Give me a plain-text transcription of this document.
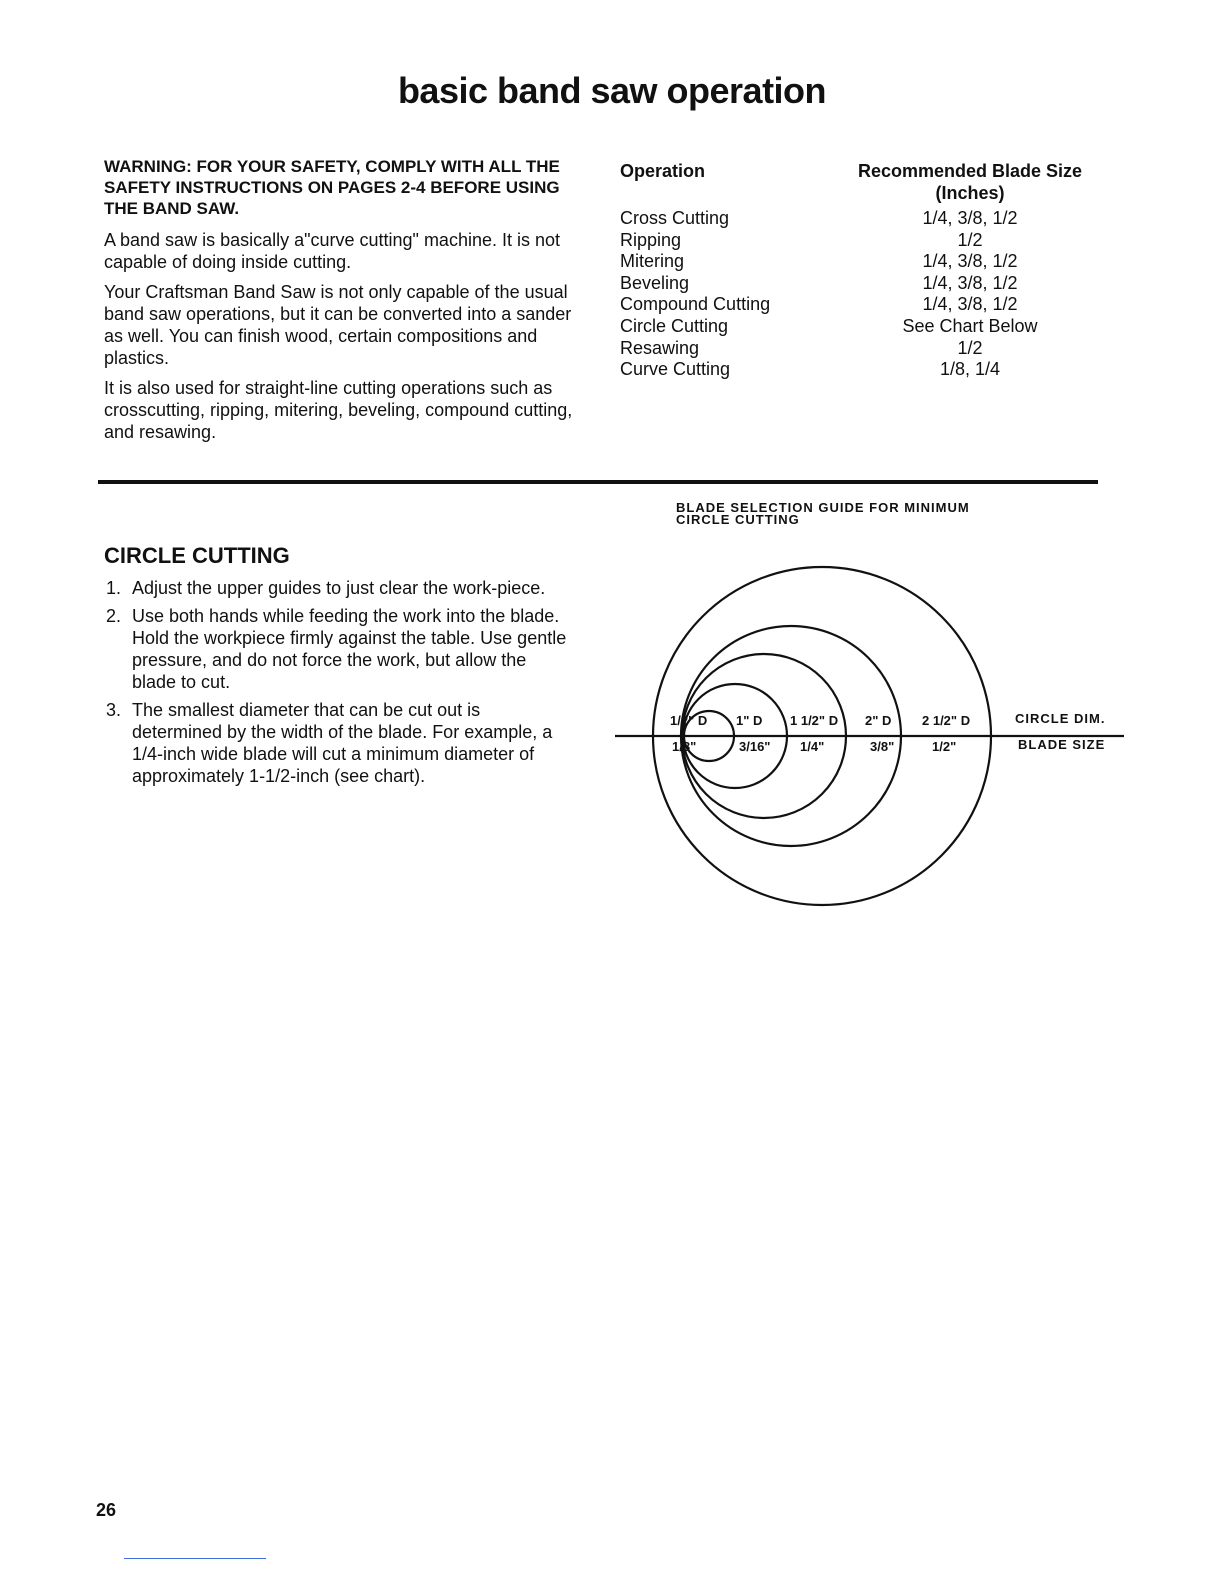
basic band saw operation

WARNING: FOR YOUR SAFETY, COMPLY WITH ALL THE SAFETY INSTRUCTIONS ON PAGES 2-4 BEFORE USING THE BAND SAW.

A band saw is basically a"curve cutting" machine. It is not capable of doing inside cutting.

Your Craftsman Band Saw is not only capable of the usual band saw operations, but it can be converted into a sander as well. You can finish wood, certain compositions and plastics.

It is also used for straight-line cutting operations such as crosscutting, ripping, mitering, beveling, compound cutting, and resawing.

Operation	Recommended Blade Size
(Inches)

Cross Cutting	1/4, 3/8, 1/2
Ripping	1/2
Mitering	1/4, 3/8, 1/2
Beveling	1/4, 3/8, 1/2
Compound Cutting	1/4, 3/8, 1/2
Circle Cutting	See Chart Below
Resawing	1/2
Curve Cutting	1/8, 1/4
CIRCLE CUTTING
1. Adjust the upper guides to just clear the work-piece.
2. Use both hands while feeding the work into the blade. Hold the workpiece firmly against the table. Use gentle pressure, and do not force the work, but allow the blade to cut.
3. The smallest diameter that can be cut out is determined by the width of the blade. For example, a 1/4-inch wide blade will cut a minimum diameter of approximately 1-1/2-inch (see chart).

BLADE SELECTION GUIDE FOR MINIMUM CIRCLE CUTTING

1/2" D 1" D 1 1/2" D 2" D 2 1/2" D
1/8"	3/16" 1/4"	3/8"	1/2"
CIRCLE DIM.
BLADE SIZE

26
